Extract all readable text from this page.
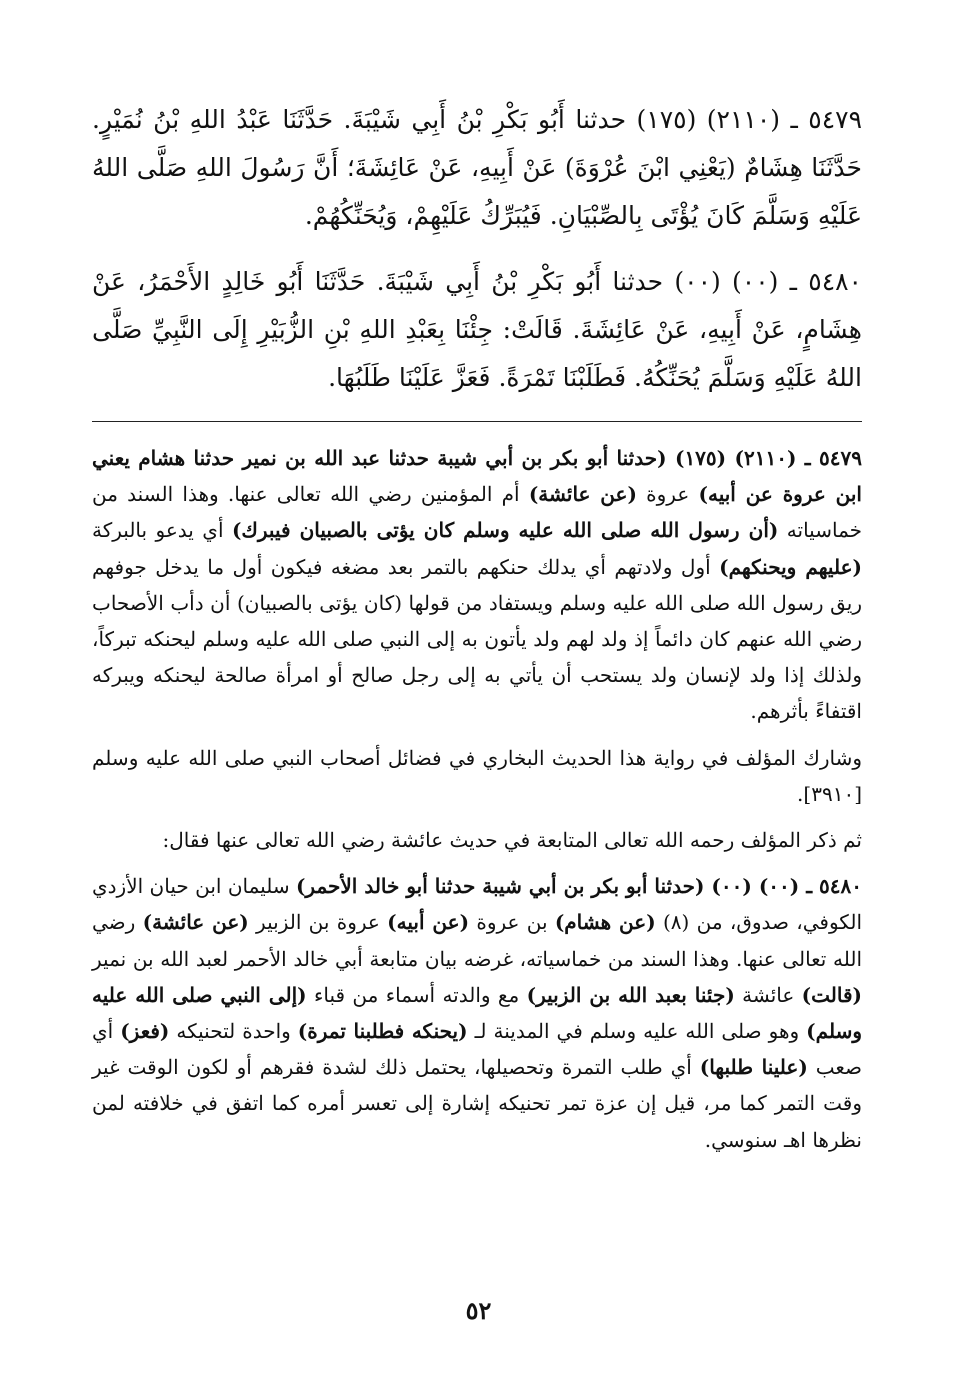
٥٤٧٩ ـ (٢١١٠) (١٧٥) حدثنا أَبُو بَكْرِ بْنُ أَبِي شَيْبَةَ. حَدَّثَنَا عَبْدُ اللهِ بْنُ نُمَيْرٍ. حَدَّثَنَا هِشَامٌ (يَعْنِي ابْنَ عُرْوَةَ) عَنْ أَبِيهِ، عَنْ عَائِشَةَ؛ أَنَّ رَسُولَ اللهِ صَلَّى اللهُ عَلَيْهِ وَسَلَّمَ كَانَ يُؤْتَى بِالصِّبْيَانِ. فَيُبَرِّكُ عَلَيْهِمْ، وَيُحَنِّكُهُمْ.

٥٤٨٠ ـ (٠٠) (٠٠) حدثنا أَبُو بَكْرِ بْنُ أَبِي شَيْبَةَ. حَدَّثَنَا أَبُو خَالِدٍ الأَحْمَرُ، عَنْ هِشَامٍ، عَنْ أَبِيهِ، عَنْ عَائِشَةَ. قَالَتْ: جِئْنَا بِعَبْدِ اللهِ بْنِ الزُّبَيْرِ إِلَى النَّبِيِّ صَلَّى اللهُ عَلَيْهِ وَسَلَّمَ يُحَنِّكُهُ. فَطَلَبْنَا تَمْرَةً. فَعَزَّ عَلَيْنَا طَلَبُهَا.

٥٤٧٩ ـ (٢١١٠) (١٧٥) (حدثنا أبو بكر بن أبي شيبة حدثنا عبد الله بن نمير حدثنا هشام يعني ابن عروة عن أبيه) عروة (عن عائشة) أم المؤمنين رضي الله تعالى عنها. وهذا السند من خماسياته (أن رسول الله صلى الله عليه وسلم كان يؤتى بالصبيان فيبرك) أي يدعو بالبركة (عليهم ويحنكهم) أول ولادتهم أي يدلك حنكهم بالتمر بعد مضغه فيكون أول ما يدخل جوفهم ريق رسول الله صلى الله عليه وسلم ويستفاد من قولها (كان يؤتى بالصبيان) أن دأب الأصحاب رضي الله عنهم كان دائماً إذ ولد لهم ولد يأتون به إلى النبي صلى الله عليه وسلم ليحنكه تبركاً، ولذلك إذا ولد لإنسان ولد يستحب أن يأتي به إلى رجل صالح أو امرأة صالحة ليحنكه ويبركه اقتفاءً بأثرهم.

وشارك المؤلف في رواية هذا الحديث البخاري في فضائل أصحاب النبي صلى الله عليه وسلم [٣٩١٠].

ثم ذكر المؤلف رحمه الله تعالى المتابعة في حديث عائشة رضي الله تعالى عنها فقال:

٥٤٨٠ ـ (٠٠) (٠٠) (حدثنا أبو بكر بن أبي شيبة حدثنا أبو خالد الأحمر) سليمان ابن حيان الأزدي الكوفي، صدوق، من (٨) (عن هشام) بن عروة (عن أبيه) عروة بن الزبير (عن عائشة) رضي الله تعالى عنها. وهذا السند من خماسياته، غرضه بيان متابعة أبي خالد الأحمر لعبد الله بن نمير (قالت) عائشة (جئنا بعبد الله بن الزبير) مع والدته أسماء من قباء (إلى النبي صلى الله عليه وسلم) وهو صلى الله عليه وسلم في المدينة لـ (يحنكه فطلبنا تمرة) واحدة لتحنيكه (فعز) أي صعب (علينا طلبها) أي طلب التمرة وتحصيلها، يحتمل ذلك لشدة فقرهم أو لكون الوقت غير وقت التمر كما مر، قيل إن عزة تمر تحنيكه إشارة إلى تعسر أمره كما اتفق في خلافته لمن نظرها اهـ سنوسي.

٥٢
